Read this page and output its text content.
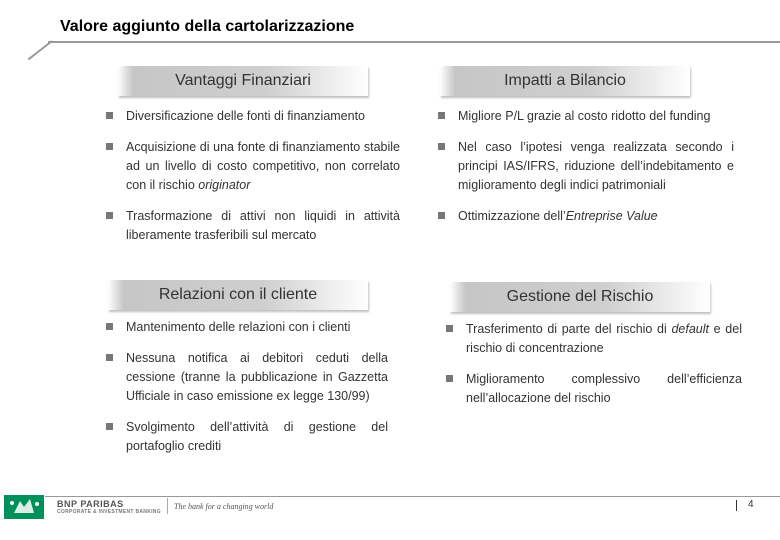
Valore aggiunto della cartolarizzazione
Vantaggi Finanziari
Diversificazione delle fonti di finanziamento
Acquisizione di una fonte di finanziamento stabile ad un livello di costo competitivo, non correlato con il rischio originator
Trasformazione di attivi non liquidi in attività liberamente trasferibili sul mercato
Impatti a Bilancio
Migliore P/L grazie al costo ridotto del funding
Nel caso l’ipotesi venga realizzata secondo i principi IAS/IFRS, riduzione dell’indebitamento e miglioramento degli indici patrimoniali
Ottimizzazione dell’Entreprise Value
Relazioni con il cliente
Mantenimento delle relazioni con i clienti
Nessuna notifica ai debitori ceduti della cessione (tranne la pubblicazione in Gazzetta Ufficiale in caso emissione ex legge 130/99)
Svolgimento dell’attività di gestione del portafoglio crediti
Gestione del Rischio
Trasferimento di parte del rischio di default e del rischio di concentrazione
Miglioramento complessivo dell’efficienza nell’allocazione del rischio
BNP PARIBAS
CORPORATE & INVESTMENT BANKING
The bank for a changing world	4
